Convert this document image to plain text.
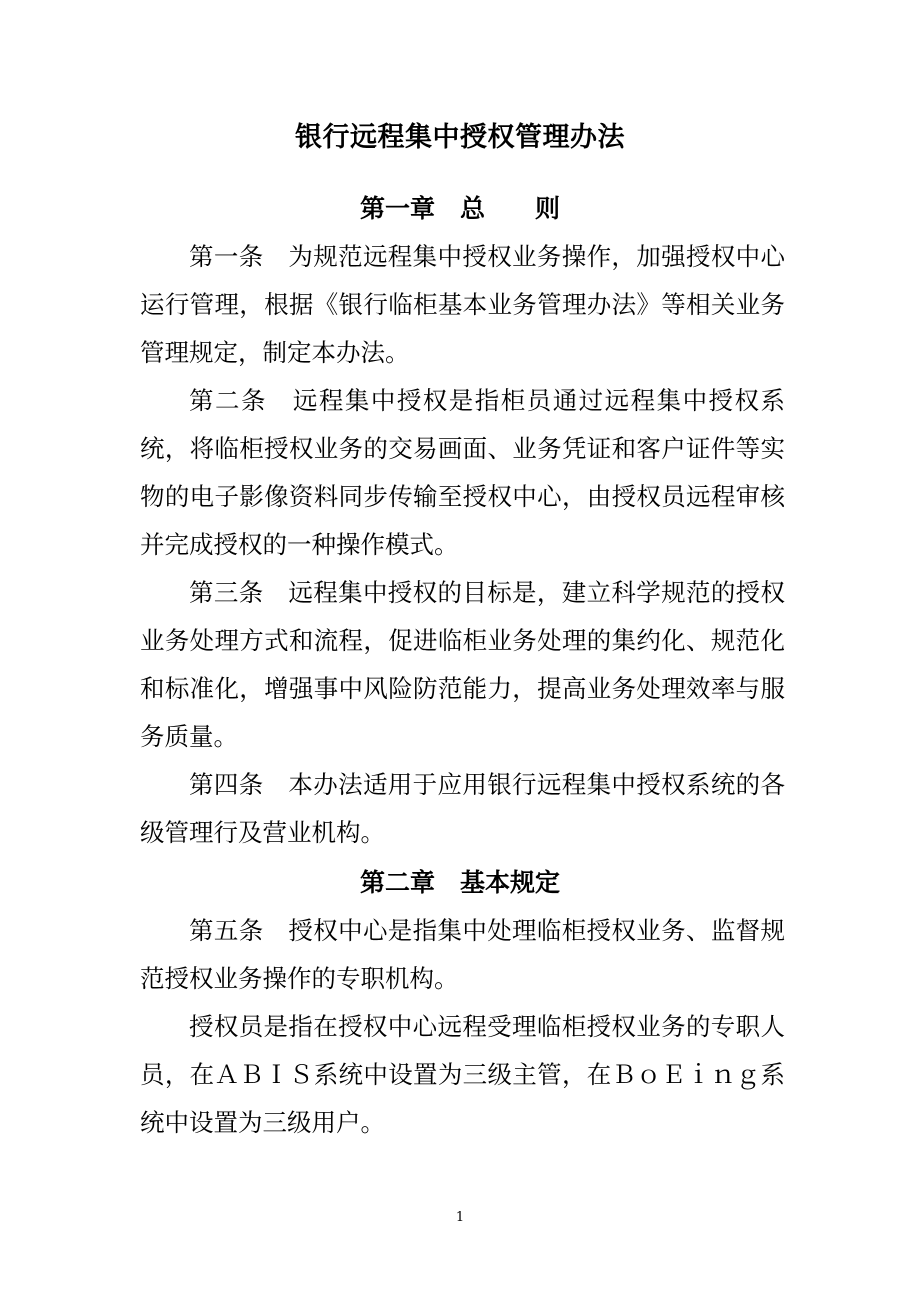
银行远程集中授权管理办法
第一章　总　　则

第一条　为规范远程集中授权业务操作，加强授权中心运行管理，根据《银行临柜基本业务管理办法》等相关业务管理规定，制定本办法。

第二条　远程集中授权是指柜员通过远程集中授权系统，将临柜授权业务的交易画面、业务凭证和客户证件等实物的电子影像资料同步传输至授权中心，由授权员远程审核并完成授权的一种操作模式。

第三条　远程集中授权的目标是，建立科学规范的授权业务处理方式和流程，促进临柜业务处理的集约化、规范化和标准化，增强事中风险防范能力，提高业务处理效率与服务质量。

第四条　本办法适用于应用银行远程集中授权系统的各级管理行及营业机构。

第二章　基本规定

第五条　授权中心是指集中处理临柜授权业务、监督规范授权业务操作的专职机构。

授权员是指在授权中心远程受理临柜授权业务的专职人员，在ＡＢＩＳ系统中设置为三级主管，在ＢｏＥｉｎｇ系统中设置为三级用户。

1
